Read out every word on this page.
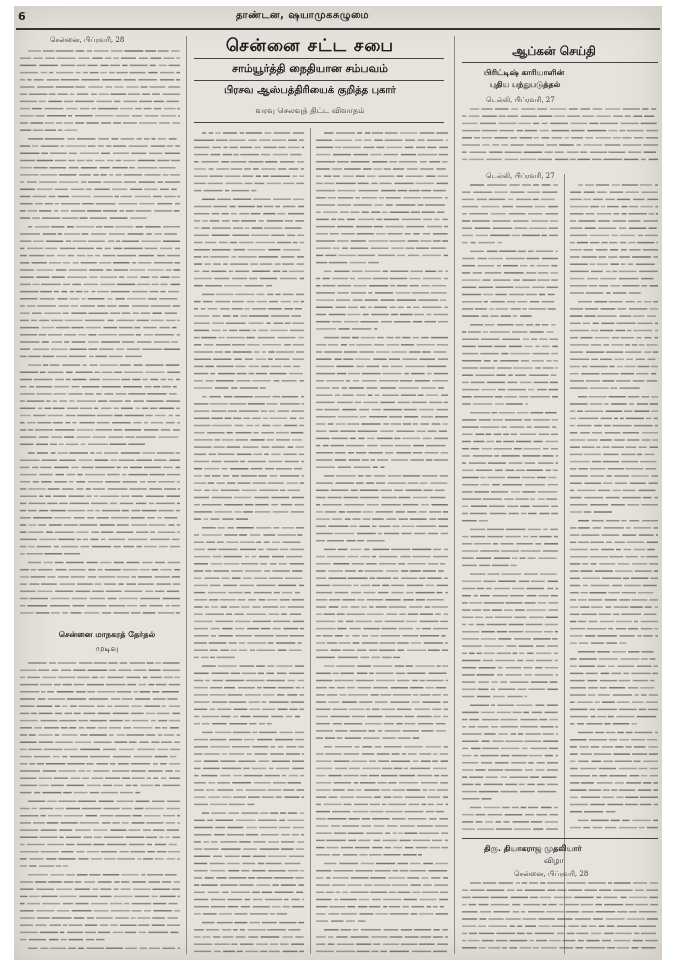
6	தாண்டன, ஷயாமுகசுழுமை
சென்னை, பிப்ரவரி, 28
சென்னை மாநகரத் தேர்தல்
முடிவு
சென்னை சட்ட சபை
சாம்யூர்த்தி நைதியான சம்பவம்
பிரசவ ஆஸ்பத்திரியைக் குறித்த புகார்
வரவு செலவுத் திட்ட விவாதம்
ஆப்கன் செய்தி
பிரிட்டிஷ் காரியாளின்
புதிய பந்துபடுத்தல்
டெல்லி, பிப்ரவரி, 27
டெல்லி, பிப்ரவரி, 27
திரு. தியாகராஜ முதலியார்
விழா
சென்னை, பிப்ரவரி, 28
